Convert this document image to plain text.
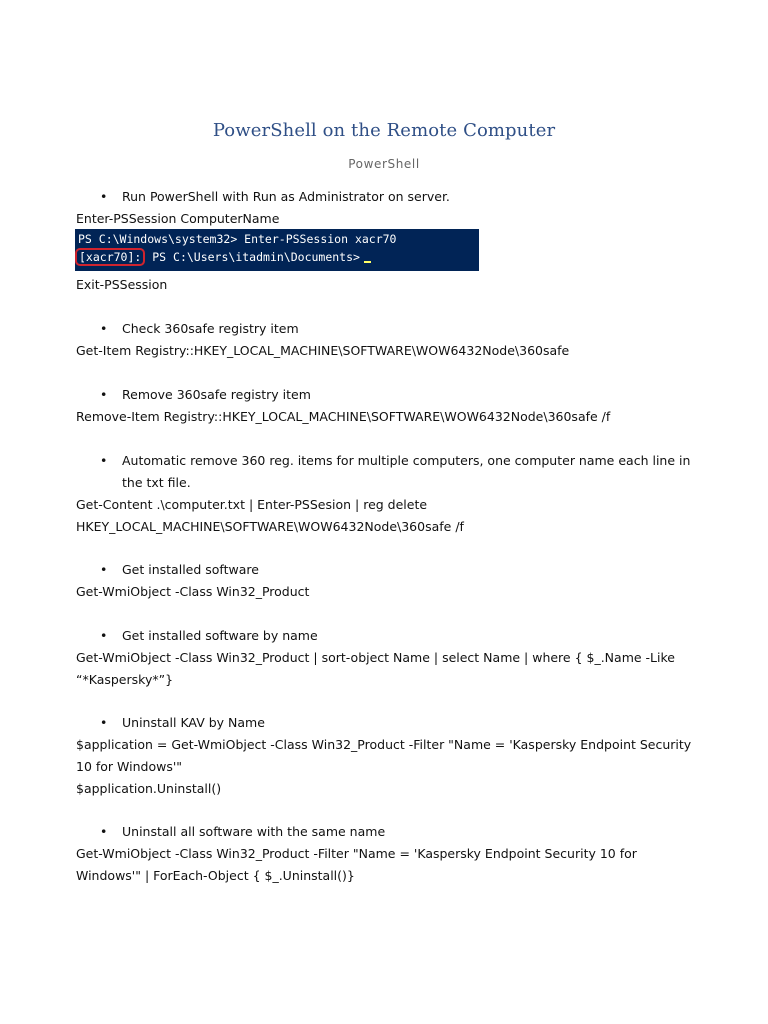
PowerShell on the Remote Computer
PowerShell
•
Run PowerShell with Run as Administrator on server.
Enter-PSSession ComputerName
PS C:\Windows\system32> Enter-PSSession xacr70
[xacr70]: PS C:\Users\itadmin\Documents>
Exit-PSSession
•
Check 360safe registry item
Get-Item Registry::HKEY_LOCAL_MACHINE\SOFTWARE\WOW6432Node\360safe
•
Remove 360safe registry item
Remove-Item Registry::HKEY_LOCAL_MACHINE\SOFTWARE\WOW6432Node\360safe /f
•
Automatic remove 360 reg. items for multiple computers, one computer name each line in
the txt file.
Get-Content .\computer.txt | Enter-PSSesion | reg delete
HKEY_LOCAL_MACHINE\SOFTWARE\WOW6432Node\360safe /f
•
Get installed software
Get-WmiObject -Class Win32_Product
•
Get installed software by name
Get-WmiObject -Class Win32_Product | sort-object Name | select Name | where { $_.Name -Like
“*Kaspersky*”}
•
Uninstall KAV by Name
$application = Get-WmiObject -Class Win32_Product -Filter "Name = 'Kaspersky Endpoint Security
10 for Windows'"
$application.Uninstall()
•
Uninstall all software with the same name
Get-WmiObject -Class Win32_Product -Filter "Name = 'Kaspersky Endpoint Security 10 for
Windows'" | ForEach-Object { $_.Uninstall()}
